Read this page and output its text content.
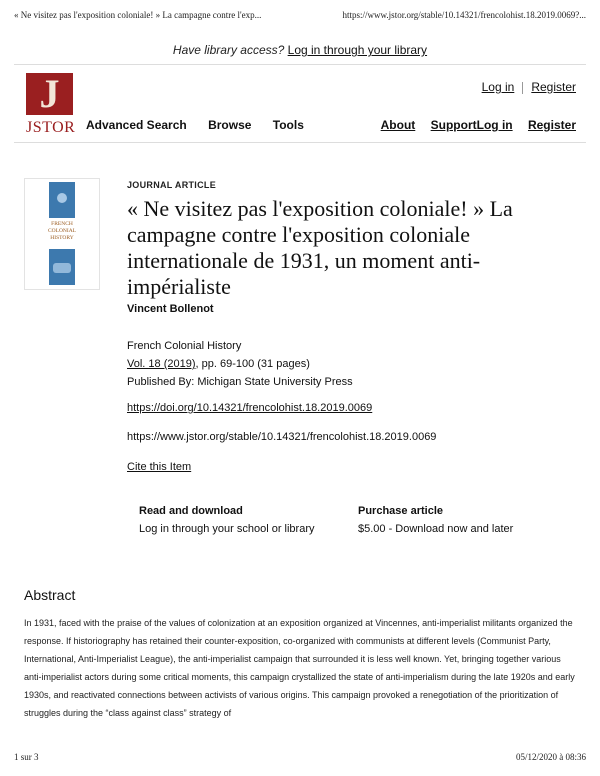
« Ne visitez pas l'exposition coloniale! » La campagne contre l'exp...	https://www.jstor.org/stable/10.14321/frencolohist.18.2019.0069?...
Have library access? Log in through your library
J
JSTOR
Log in Register
Advanced Search Browse Tools	About SupportLog in Register
FRENCH
COLONIAL
HISTORY
JOURNAL ARTICLE
« Ne visitez pas l'exposition coloniale! » La campagne contre l'exposition coloniale internationale de 1931, un moment anti-impérialiste
Vincent Bollenot
French Colonial History
Vol. 18 (2019), pp. 69-100 (31 pages)
Published By: Michigan State University Press
https://doi.org/10.14321/frencolohist.18.2019.0069
https://www.jstor.org/stable/10.14321/frencolohist.18.2019.0069
Cite this Item
Read and download
Log in through your school or library
Purchase article
$5.00 - Download now and later
Abstract

In 1931, faced with the praise of the values of colonization at an exposition organized at Vincennes, anti-imperialist militants organized the response. If historiography has retained their counter-exposition, co-organized with communists at different levels (Communist Party, International, Anti-Imperialist League), the anti-imperialist campaign that surrounded it is less well known. Yet, bringing together various anti-imperialist actors during some critical moments, this campaign crystallized the state of anti-imperialism during the late 1920s and early 1930s, and reactivated connections between activists of various origins. This campaign provoked a renegotiation of the prioritization of struggles during the “class against class” strategy of

1 sur 3	05/12/2020 à 08:36
